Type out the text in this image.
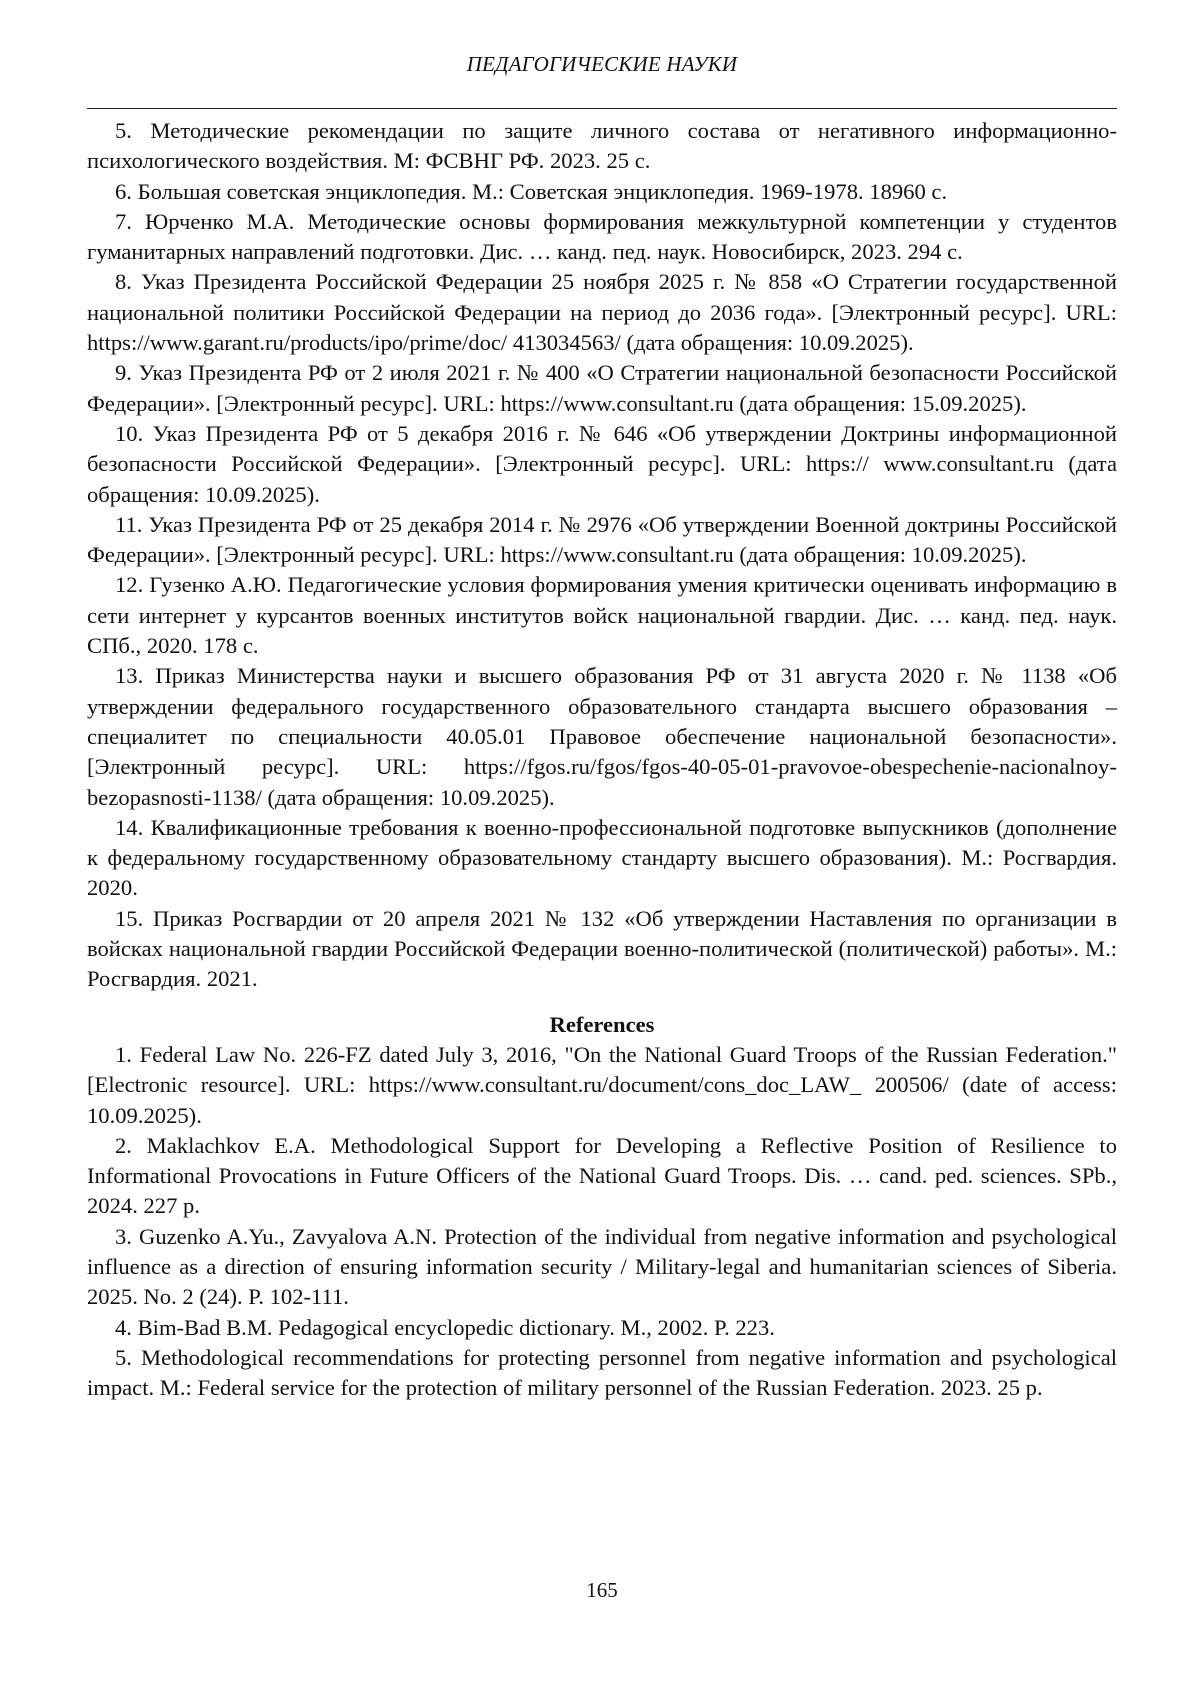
ПЕДАГОГИЧЕСКИЕ НАУКИ

5. Методические рекомендации по защите личного состава от негативного информационно-психологического воздействия. М: ФСВНГ РФ. 2023. 25 с.

6. Большая советская энциклопедия. М.: Советская энциклопедия. 1969-1978. 18960 с.

7. Юрченко М.А. Методические основы формирования межкультурной компетенции у студентов гуманитарных направлений подготовки. Дис. … канд. пед. наук. Новосибирск, 2023. 294 с.

8. Указ Президента Российской Федерации 25 ноября 2025 г. № 858 «О Стратегии государственной национальной политики Российской Федерации на период до 2036 года». [Электронный ресурс]. URL: https://www.garant.ru/products/ipo/prime/doc/ 413034563/ (дата обращения: 10.09.2025).

9. Указ Президента РФ от 2 июля 2021 г. № 400 «О Стратегии национальной безопасности Российской Федерации». [Электронный ресурс]. URL: https://www.consultant.ru (дата обращения: 15.09.2025).

10. Указ Президента РФ от 5 декабря 2016 г. № 646 «Об утверждении Доктрины информационной безопасности Российской Федерации». [Электронный ресурс]. URL: https:// www.consultant.ru (дата обращения: 10.09.2025).

11. Указ Президента РФ от 25 декабря 2014 г. № 2976 «Об утверждении Военной доктрины Российской Федерации». [Электронный ресурс]. URL: https://www.consultant.ru (дата обращения: 10.09.2025).

12. Гузенко А.Ю. Педагогические условия формирования умения критически оценивать информацию в сети интернет у курсантов военных институтов войск национальной гвардии. Дис. … канд. пед. наук. СПб., 2020. 178 с.

13. Приказ Министерства науки и высшего образования РФ от 31 августа 2020 г. № 1138 «Об утверждении федерального государственного образовательного стандарта высшего образования – специалитет по специальности 40.05.01 Правовое обеспечение национальной безопасности». [Электронный ресурс]. URL: https://fgos.ru/fgos/fgos-40-05-01-pravovoe-obespechenie-nacionalnoy-bezopasnosti-1138/ (дата обращения: 10.09.2025).

14. Квалификационные требования к военно-профессиональной подготовке выпускников (дополнение к федеральному государственному образовательному стандарту высшего образования). М.: Росгвардия. 2020.

15. Приказ Росгвардии от 20 апреля 2021 № 132 «Об утверждении Наставления по организации в войсках национальной гвардии Российской Федерации военно-политической (политической) работы». М.: Росгвардия. 2021.

References

1. Federal Law No. 226-FZ dated July 3, 2016, "On the National Guard Troops of the Russian Federation." [Electronic resource]. URL: https://www.consultant.ru/document/cons_doc_LAW_ 200506/ (date of access: 10.09.2025).

2. Maklachkov E.A. Methodological Support for Developing a Reflective Position of Resilience to Informational Provocations in Future Officers of the National Guard Troops. Dis. … cand. ped. sciences. SPb., 2024. 227 p.

3. Guzenko A.Yu., Zavyalova A.N. Protection of the individual from negative information and psychological influence as a direction of ensuring information security / Military-legal and humanitarian sciences of Siberia. 2025. No. 2 (24). P. 102-111.

4. Bim-Bad B.M. Pedagogical encyclopedic dictionary. M., 2002. P. 223.

5. Methodological recommendations for protecting personnel from negative information and psychological impact. M.: Federal service for the protection of military personnel of the Russian Federation. 2023. 25 p.

165
